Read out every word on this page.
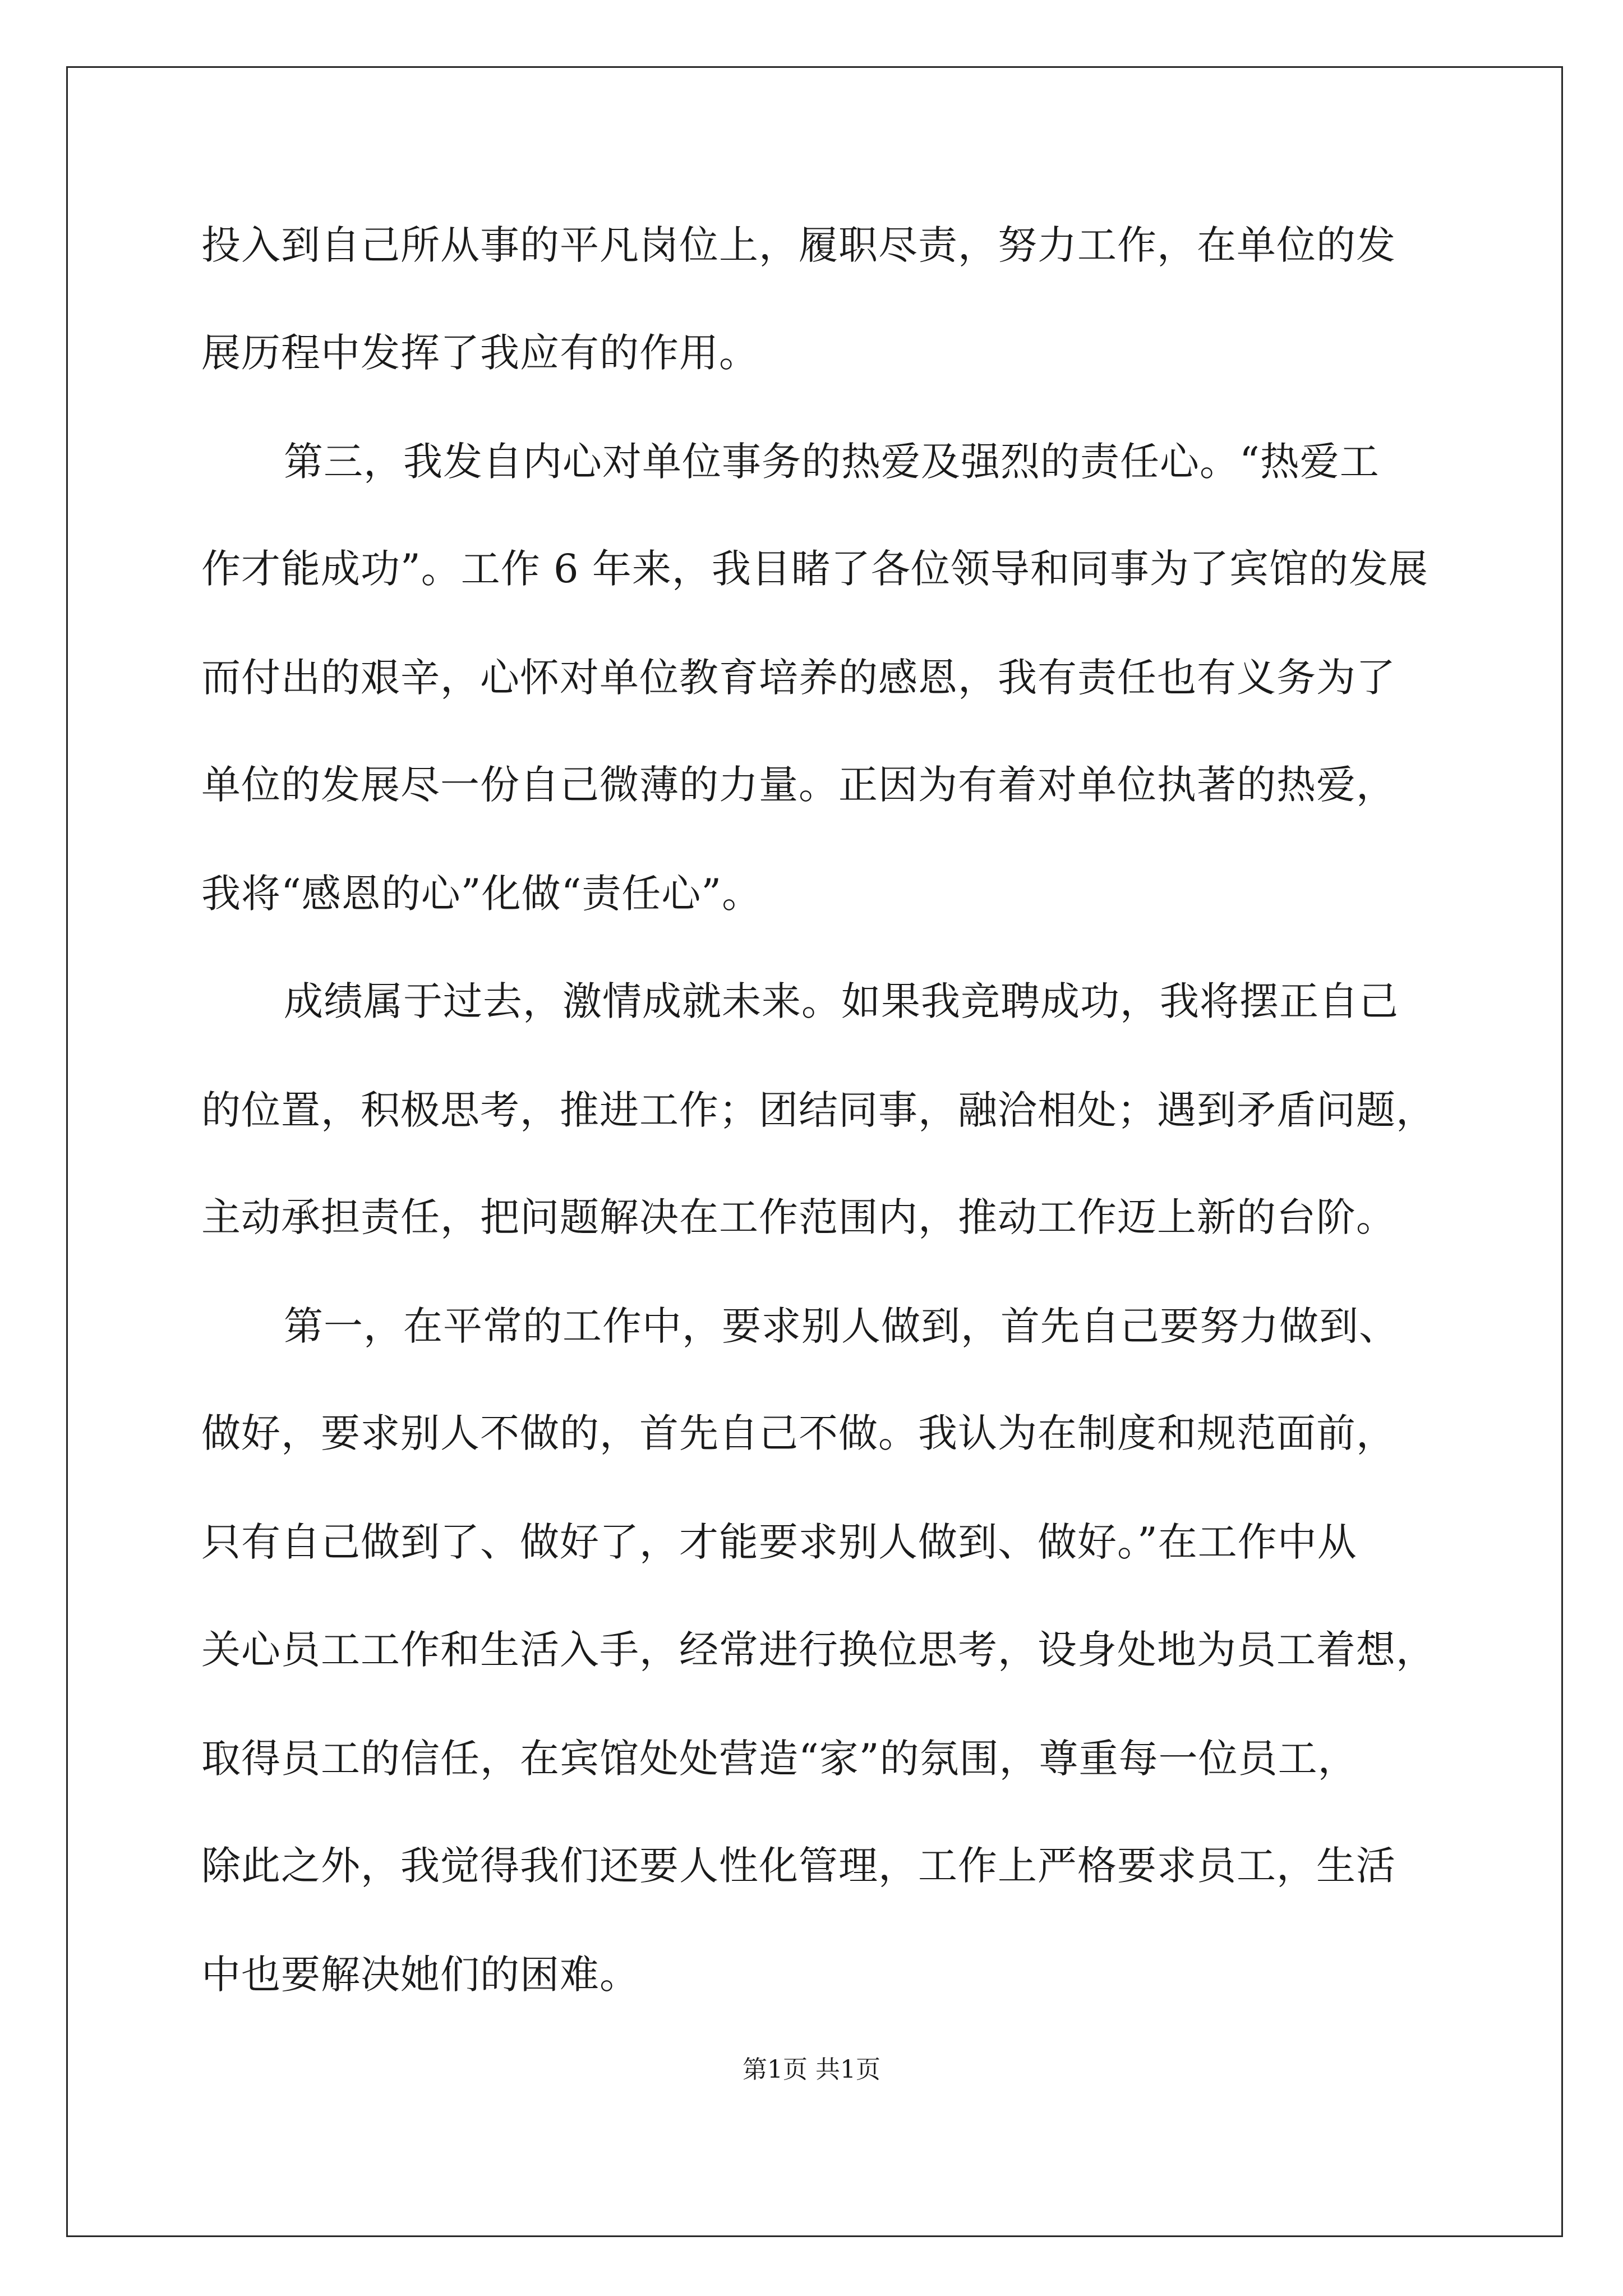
投入到自己所从事的平凡岗位上，履职尽责，努力工作，在单位的发
展历程中发挥了我应有的作用。
第三，我发自内心对单位事务的热爱及强烈的责任心。“热爱工
作才能成功”。工作 6 年来，我目睹了各位领导和同事为了宾馆的发展
而付出的艰辛，心怀对单位教育培养的感恩，我有责任也有义务为了
单位的发展尽一份自己微薄的力量。正因为有着对单位执著的热爱，
我将“感恩的心”化做“责任心”。
成绩属于过去，激情成就未来。如果我竞聘成功，我将摆正自己
的位置，积极思考，推进工作；团结同事，融洽相处；遇到矛盾问题，
主动承担责任，把问题解决在工作范围内，推动工作迈上新的台阶。
第一，在平常的工作中，要求别人做到，首先自己要努力做到、
做好，要求别人不做的，首先自己不做。我认为在制度和规范面前，
只有自己做到了、做好了，才能要求别人做到、做好。”在工作中从
关心员工工作和生活入手，经常进行换位思考，设身处地为员工着想，
取得员工的信任，在宾馆处处营造“家”的氛围，尊重每一位员工，
除此之外，我觉得我们还要人性化管理，工作上严格要求员工，生活
中也要解决她们的困难。
第1页 共1页
